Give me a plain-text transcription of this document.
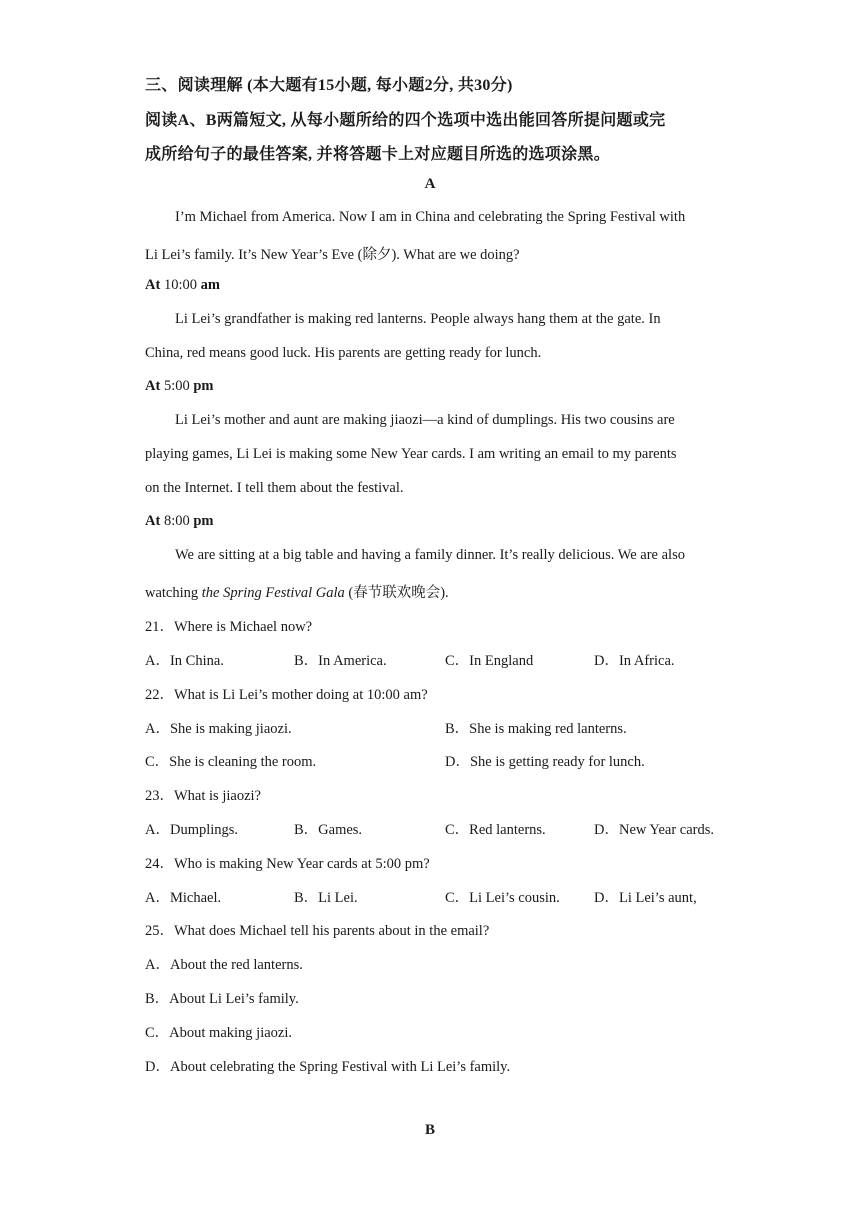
三、阅读理解 (本大题有15小题, 每小题2分, 共30分)
阅读A、B两篇短文, 从每小题所给的四个选项中选出能回答所提问题或完
成所给句子的最佳答案, 并将答题卡上对应题目所选的选项涂黑。
A
I’m Michael from America. Now I am in China and celebrating the Spring Festival with
Li Lei’s family. It’s New Year’s Eve (除夕). What are we doing?
At 10:00 am
Li Lei’s grandfather is making red lanterns. People always hang them at the gate. In
China, red means good luck. His parents are getting ready for lunch.
At 5:00 pm
Li Lei’s mother and aunt are making jiaozi—a kind of dumplings. His two cousins are
playing games, Li Lei is making some New Year cards. I am writing an email to my parents
on the Internet. I tell them about the festival.
At 8:00 pm
We are sitting at a big table and having a family dinner. It’s really delicious. We are also
watching the Spring Festival Gala (春节联欢晚会).
21．Where is Michael now?
A．In China.	B．In America.	C．In England	D．In Africa.
22．What is Li Lei’s mother doing at 10:00 am?
A．She is making jiaozi.	B．She is making red lanterns.
C．She is cleaning the room.	D．She is getting ready for lunch.
23．What is jiaozi?
A．Dumplings.	B．Games.	C．Red lanterns.	D．New Year cards.
24．Who is making New Year cards at 5:00 pm?
A．Michael.	B．Li Lei.	C．Li Lei’s cousin. D．Li Lei’s aunt,
25．What does Michael tell his parents about in the email?
A．About the red lanterns.
B．About Li Lei’s family.
C．About making jiaozi.
D．About celebrating the Spring Festival with Li Lei’s family.
B
